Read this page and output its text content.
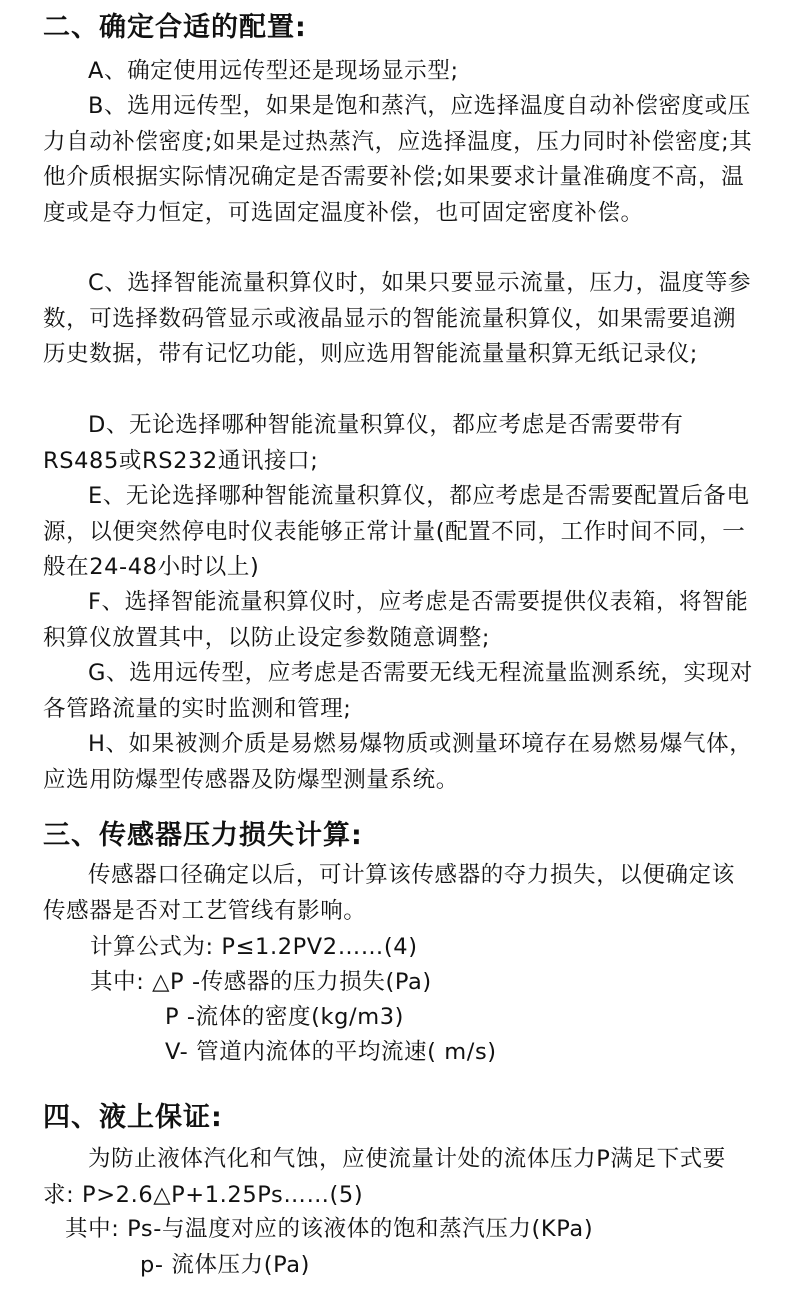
二、确定合适的配置:
A、确定使用远传型还是现场显示型;
B、选用远传型，如果是饱和蒸汽，应选择温度自动补偿密度或压力自动补偿密度;如果是过热蒸汽，应选择温度，压力同时补偿密度;其他介质根据实际情况确定是否需要补偿;如果要求计量准确度不高，温度或是夺力恒定，可选固定温度补偿，也可固定密度补偿。
C、选择智能流量积算仪时，如果只要显示流量，压力，温度等参数，可选择数码管显示或液晶显示的智能流量积算仪，如果需要追溯历史数据，带有记忆功能，则应选用智能流量量积算无纸记录仪;
D、无论选择哪种智能流量积算仪，都应考虑是否需要带有RS485或RS232通讯接口;
E、无论选择哪种智能流量积算仪，都应考虑是否需要配置后备电源，以便突然停电时仪表能够正常计量(配置不同，工作时间不同，一般在24-48小时以上)
F、选择智能流量积算仪时，应考虑是否需要提供仪表箱，将智能积算仪放置其中，以防止设定参数随意调整;
G、选用远传型，应考虑是否需要无线无程流量监测系统，实现对各管路流量的实时监测和管理;
H、如果被测介质是易燃易爆物质或测量环境存在易燃易爆气体，应选用防爆型传感器及防爆型测量系统。
三、传感器压力损失计算:
传感器口径确定以后，可计算该传感器的夺力损失，以便确定该传感器是否对工艺管线有影响。
计算公式为: P≤1.2PV2……(4)
其中: △P -传感器的压力损失(Pa)
P -流体的密度(kg/m3)
V- 管道内流体的平均流速( m/s)
四、液上保证:
为防止液体汽化和气蚀，应使流量计处的流体压力P满足下式要求: P>2.6△P+1.25Ps……(5)
其中: Ps-与温度对应的该液体的饱和蒸汽压力(KPa)
p- 流体压力(Pa)
